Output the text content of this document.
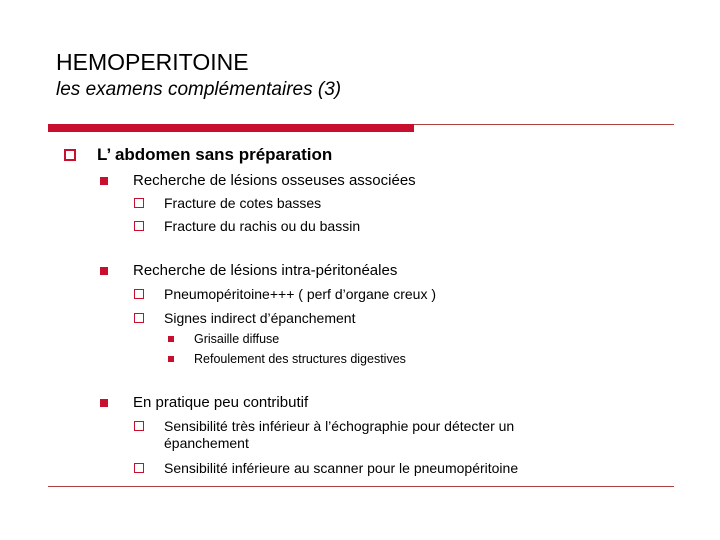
HEMOPERITOINE
les examens complémentaires (3)
L’ abdomen sans préparation
Recherche de lésions osseuses associées
Fracture de cotes basses
Fracture du rachis ou du bassin
Recherche de lésions intra-péritonéales
Pneumopéritoine+++ ( perf d’organe creux )
Signes indirect d’épanchement
Grisaille diffuse
Refoulement des structures digestives
En pratique peu contributif
Sensibilité très inférieur à l’échographie pour détecter un épanchement
Sensibilité inférieure au scanner pour le pneumopéritoine
